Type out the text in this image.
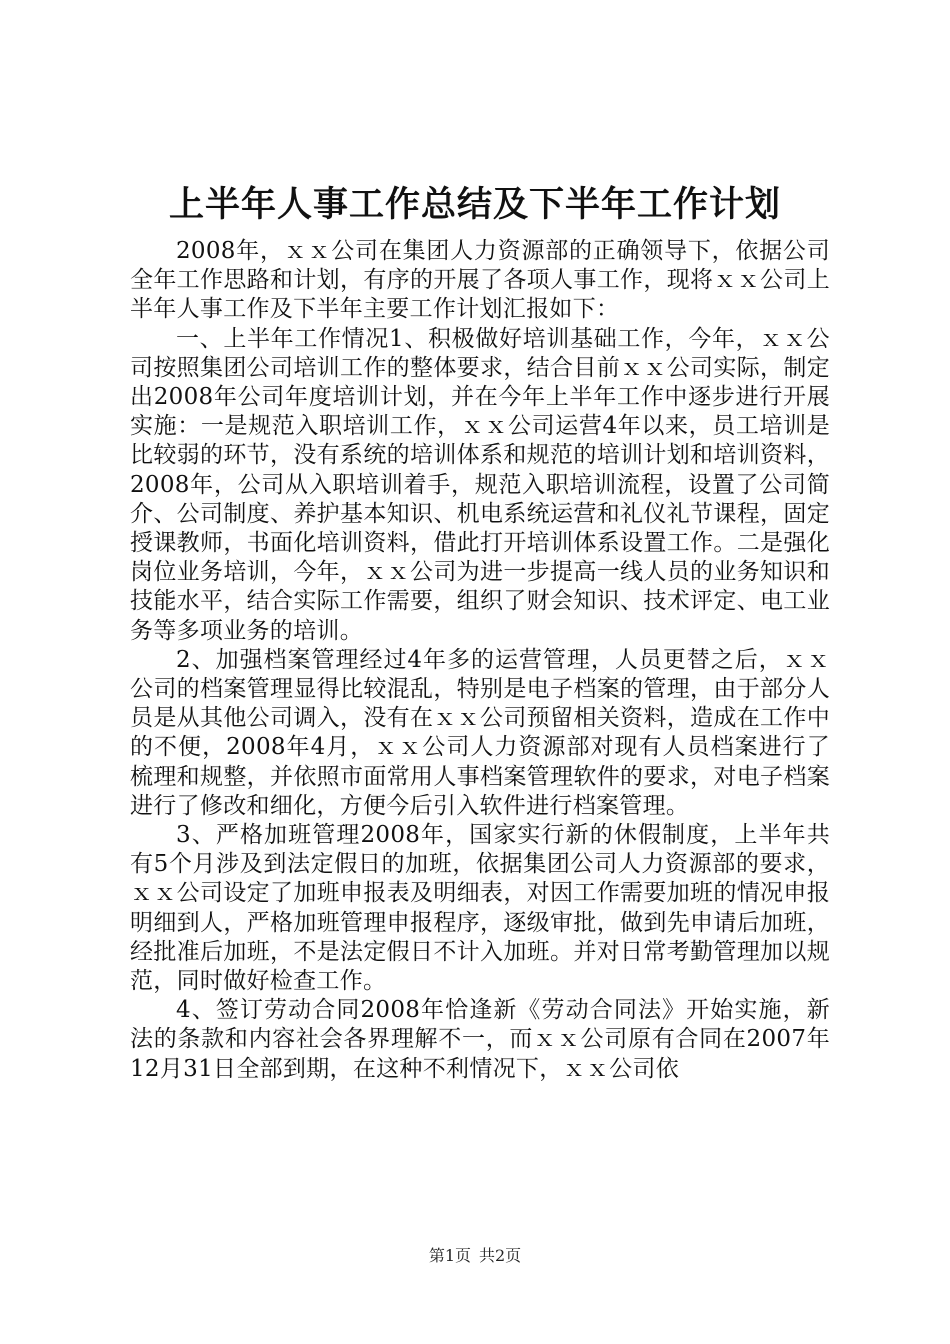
上半年人事工作总结及下半年工作计划

2008年，ｘｘ公司在集团人力资源部的正确领导下，依据公司全年工作思路和计划，有序的开展了各项人事工作，现将ｘｘ公司上半年人事工作及下半年主要工作计划汇报如下：

一、上半年工作情况1、积极做好培训基础工作，今年，ｘｘ公司按照集团公司培训工作的整体要求，结合目前ｘｘ公司实际，制定出2008年公司年度培训计划，并在今年上半年工作中逐步进行开展实施：一是规范入职培训工作，ｘｘ公司运营4年以来，员工培训是比较弱的环节，没有系统的培训体系和规范的培训计划和培训资料，2008年，公司从入职培训着手，规范入职培训流程，设置了公司简介、公司制度、养护基本知识、机电系统运营和礼仪礼节课程，固定授课教师，书面化培训资料，借此打开培训体系设置工作。二是强化岗位业务培训，今年，ｘｘ公司为进一步提高一线人员的业务知识和技能水平，结合实际工作需要，组织了财会知识、技术评定、电工业务等多项业务的培训。

2、加强档案管理经过4年多的运营管理，人员更替之后，ｘｘ公司的档案管理显得比较混乱，特别是电子档案的管理，由于部分人员是从其他公司调入，没有在ｘｘ公司预留相关资料，造成在工作中的不便，2008年4月，ｘｘ公司人力资源部对现有人员档案进行了梳理和规整，并依照市面常用人事档案管理软件的要求，对电子档案进行了修改和细化，方便今后引入软件进行档案管理。

3、严格加班管理2008年，国家实行新的休假制度，上半年共有5个月涉及到法定假日的加班，依据集团公司人力资源部的要求，ｘｘ公司设定了加班申报表及明细表，对因工作需要加班的情况申报明细到人，严格加班管理申报程序，逐级审批，做到先申请后加班，经批准后加班，不是法定假日不计入加班。并对日常考勤管理加以规范，同时做好检查工作。

4、签订劳动合同2008年恰逢新《劳动合同法》开始实施，新法的条款和内容社会各界理解不一，而ｘｘ公司原有合同在2007年12月31日全部到期，在这种不利情况下，ｘｘ公司依

第1页 共2页
